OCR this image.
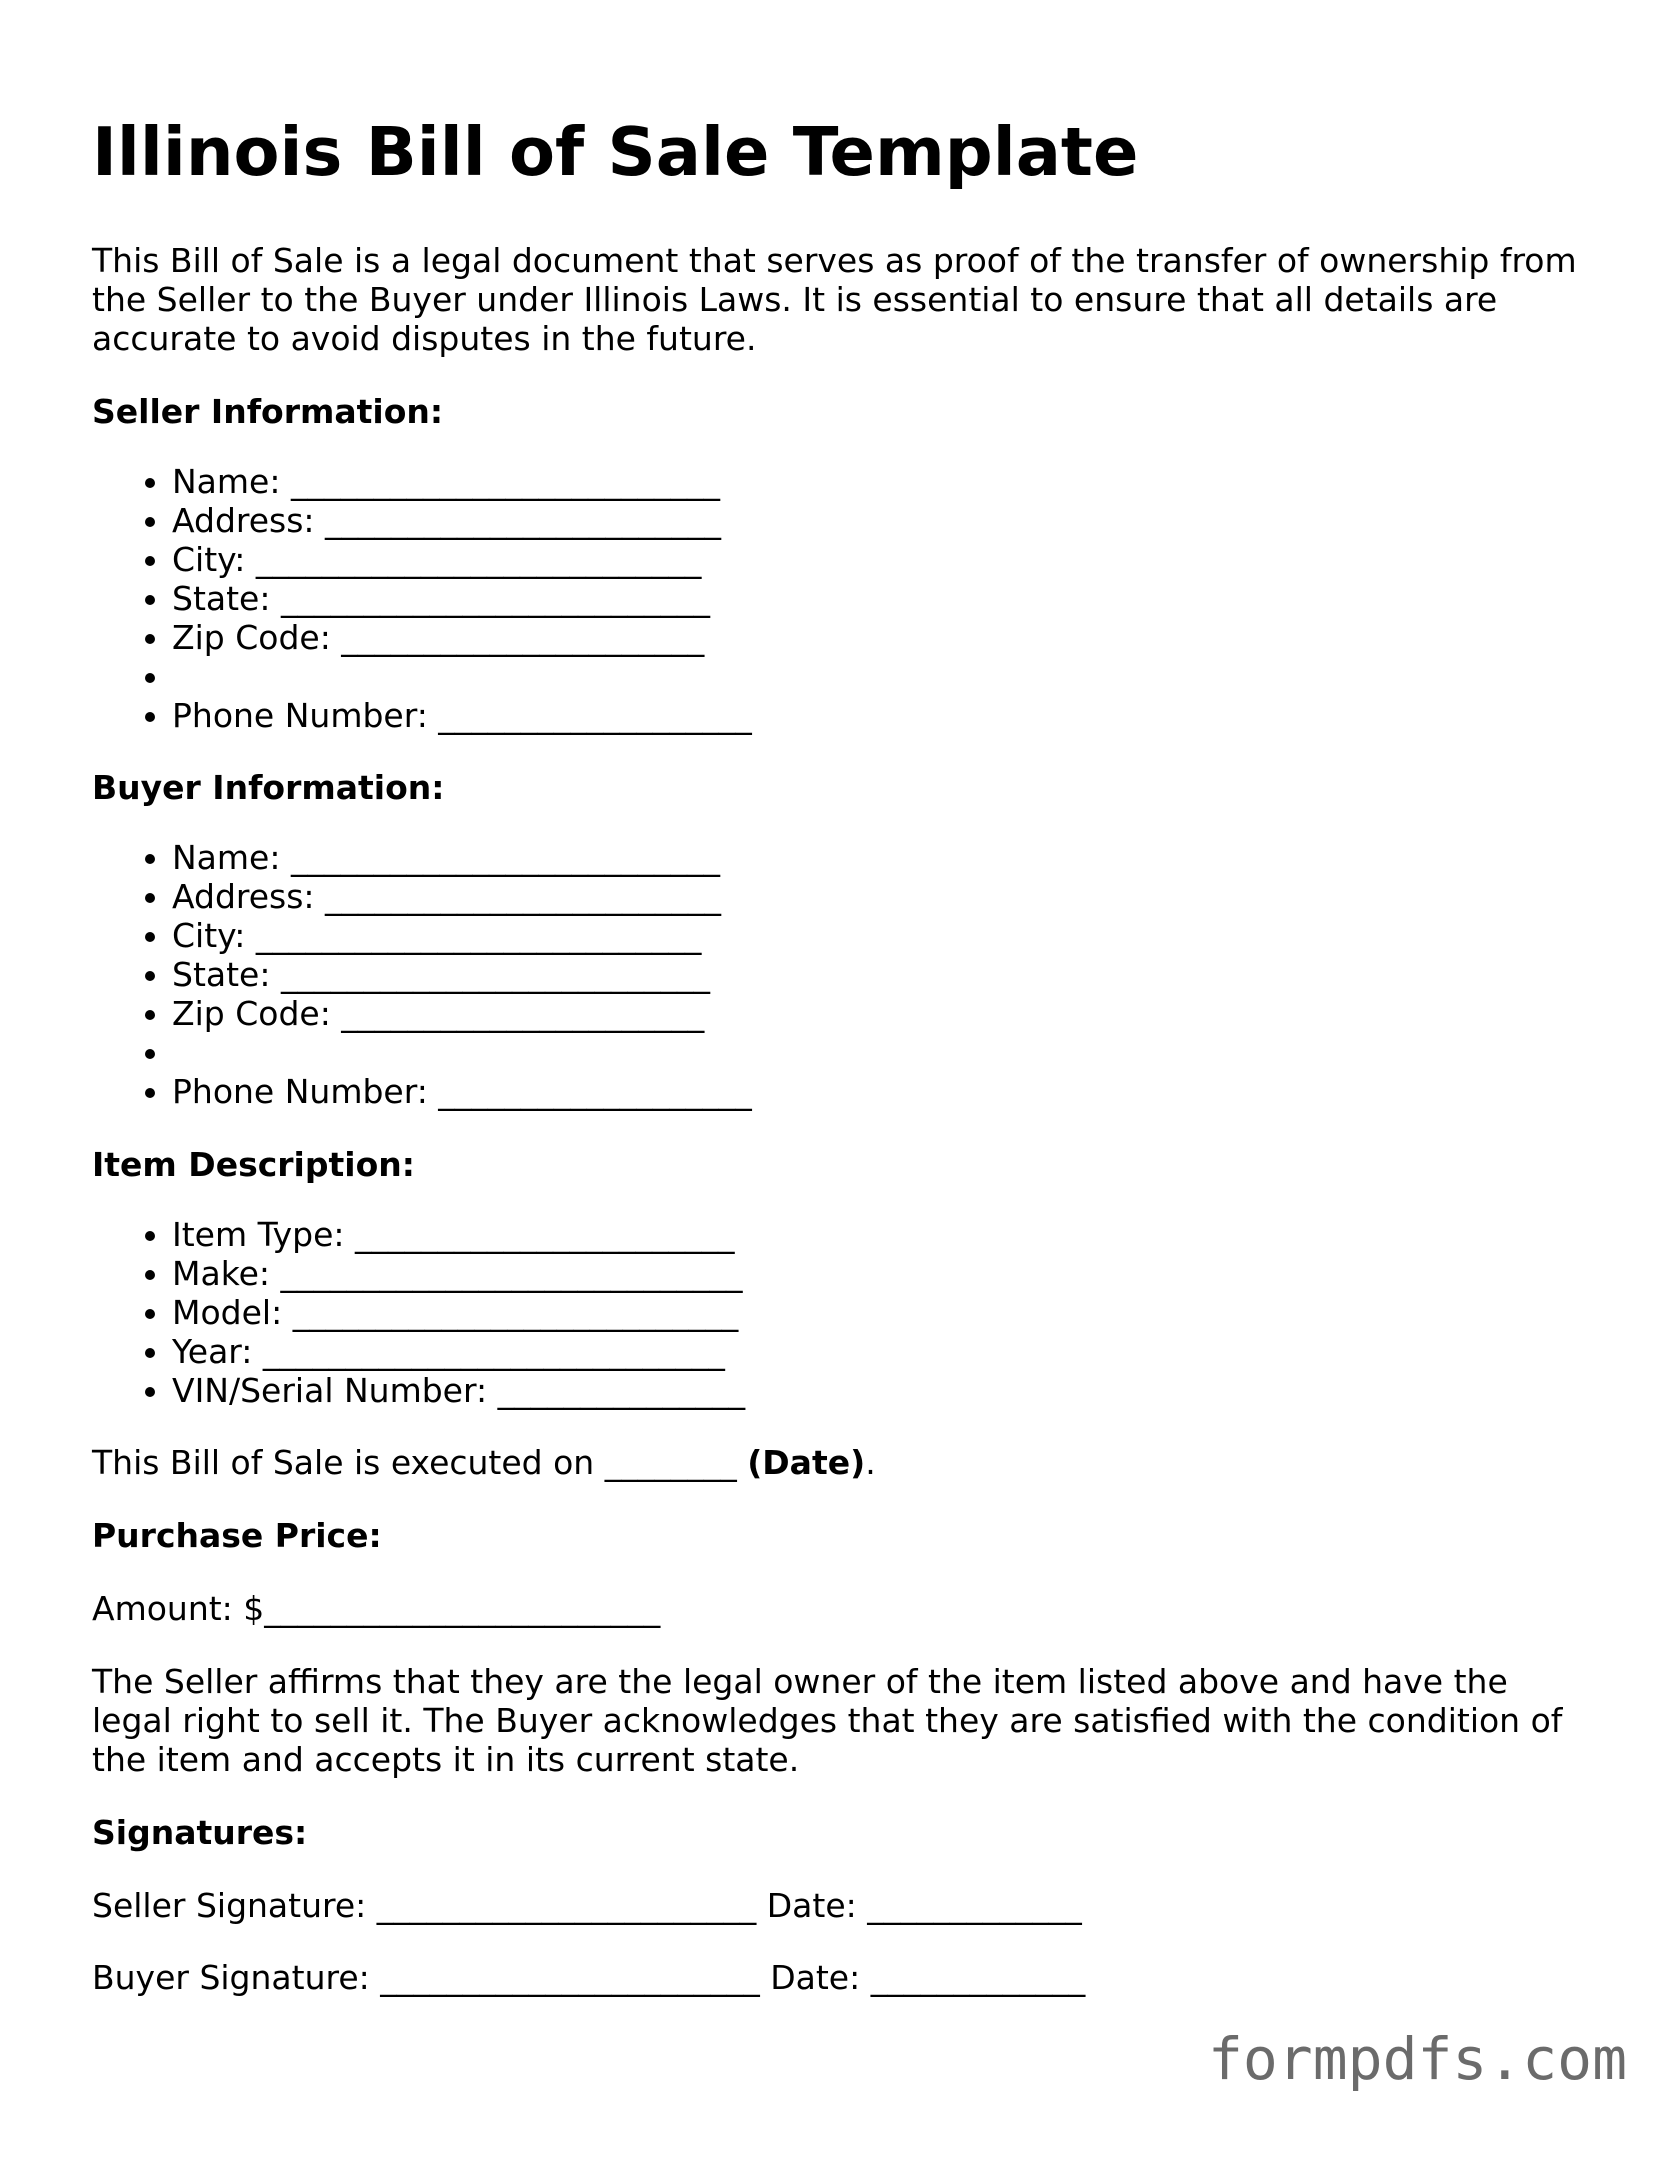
Illinois Bill of Sale Template

This Bill of Sale is a legal document that serves as proof of the transfer of ownership from the Seller to the Buyer under Illinois Laws. It is essential to ensure that all details are accurate to avoid disputes in the future.

Seller Information:

• Name: __________________________
• Address: ________________________
• City: ___________________________
• State: __________________________
• Zip Code: ______________________
•
• Phone Number: ___________________

Buyer Information:

• Name: __________________________
• Address: ________________________
• City: ___________________________
• State: __________________________
• Zip Code: ______________________
•
• Phone Number: ___________________

Item Description:

• Item Type: _______________________
• Make: ____________________________
• Model: ___________________________
• Year: ____________________________
• VIN/Serial Number: _______________

This Bill of Sale is executed on ________ (Date).

Purchase Price:

Amount: $________________________

The Seller affirms that they are the legal owner of the item listed above and have the legal right to sell it. The Buyer acknowledges that they are satisfied with the condition of the item and accepts it in its current state.

Signatures:

Seller Signature: _______________________ Date: _____________

Buyer Signature: _______________________ Date: _____________

formpdfs.com
